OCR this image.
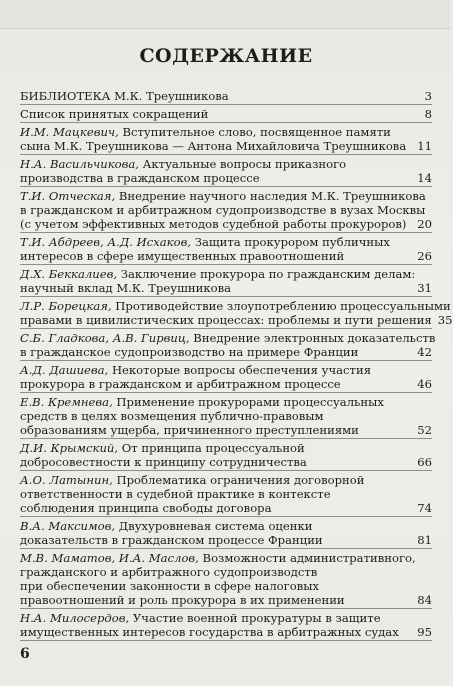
СОДЕРЖАНИЕ
БИБЛИОТЕКА М.К. Треушникова	3
Список принятых сокращений	8
И.М. Мацкевич, Вступительное слово, посвященное памяти
сына М.К. Треушникова — Антона Михайловича Треушникова 11
Н.А. Васильчикова, Актуальные вопросы приказного
производства в гражданском процессе	14
Т.И. Отческая, Внедрение научного наследия М.К. Треушникова
в гражданском и арбитражном судопроизводстве в вузах Москвы
(с учетом эффективных методов судебной работы прокуроров) 20
Т.И. Абдреев, А.Д. Исхаков, Защита прокурором публичных
интересов в сфере имущественных правоотношений	26
Д.Х. Беккалиев, Заключение прокурора по гражданским делам:
научный вклад М.К. Треушникова	31
Л.Р. Борецкая, Противодействие злоупотреблению процессуальными
правами в цивилистических процессах: проблемы и пути решения 35
С.Б. Гладкова, А.В. Гирвиц, Внедрение электронных доказательств
в гражданское судопроизводство на примере Франции	42
А.Д. Дашиева, Некоторые вопросы обеспечения участия
прокурора в гражданском и арбитражном процессе	46
Е.В. Кремнева, Применение прокурорами процессуальных
средств в целях возмещения публично-правовым
образованиям ущерба, причиненного преступлениями	52
Д.И. Крымский, От принципа процессуальной
добросовестности к принципу сотрудничества	66
А.О. Латынин, Проблематика ограничения договорной
ответственности в судебной практике в контексте
соблюдения принципа свободы договора	74
В.А. Максимов, Двухуровневая система оценки
доказательств в гражданском процессе Франции	81
М.В. Маматов, И.А. Маслов, Возможности административного,
гражданского и арбитражного судопроизводств
при обеспечении законности в сфере налоговых
правоотношений и роль прокурора в их применении	84
Н.А. Милосердов, Участие военной прокуратуры в защите
имущественных интересов государства в арбитражных судах 95
6
